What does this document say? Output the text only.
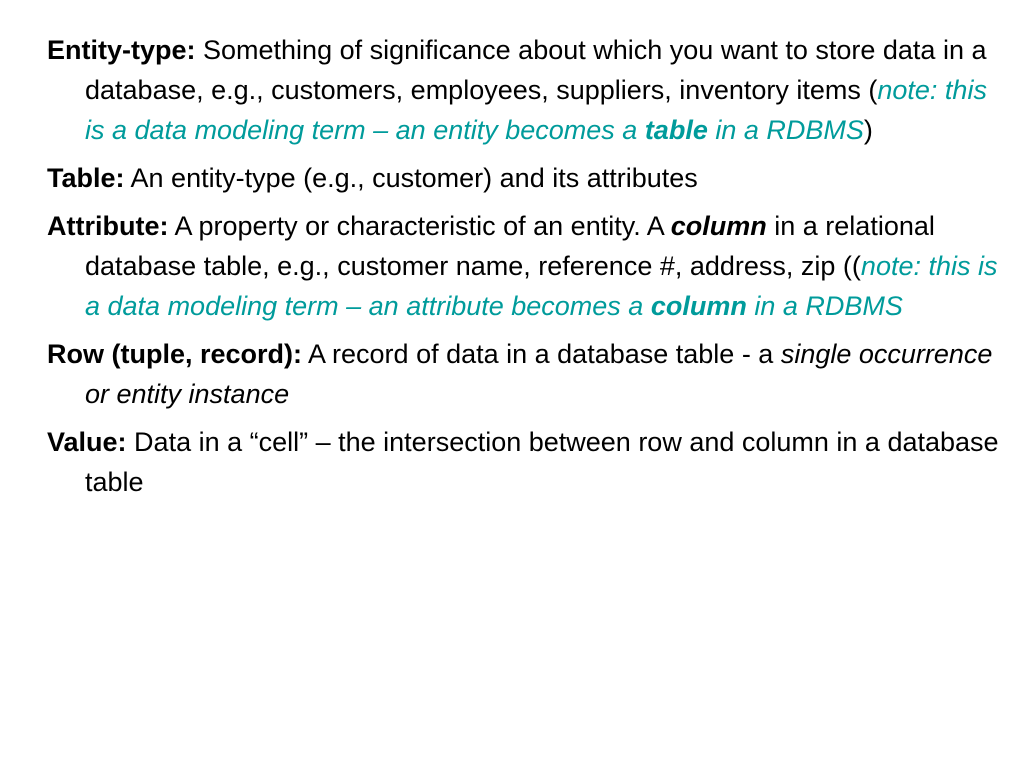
Entity-type: Something of significance about which you want to store data in a database, e.g., customers, employees, suppliers, inventory items (note: this is a data modeling term – an entity becomes a table in a RDBMS)

Table: An entity-type (e.g., customer) and its attributes

Attribute: A property or characteristic of an entity. A column in a relational database table, e.g., customer name, reference #, address, zip ((note: this is a data modeling term – an attribute becomes a column in a RDBMS

Row (tuple, record): A record of data in a database table - a single occurrence or entity instance

Value: Data in a “cell” – the intersection between row and column in a database table
